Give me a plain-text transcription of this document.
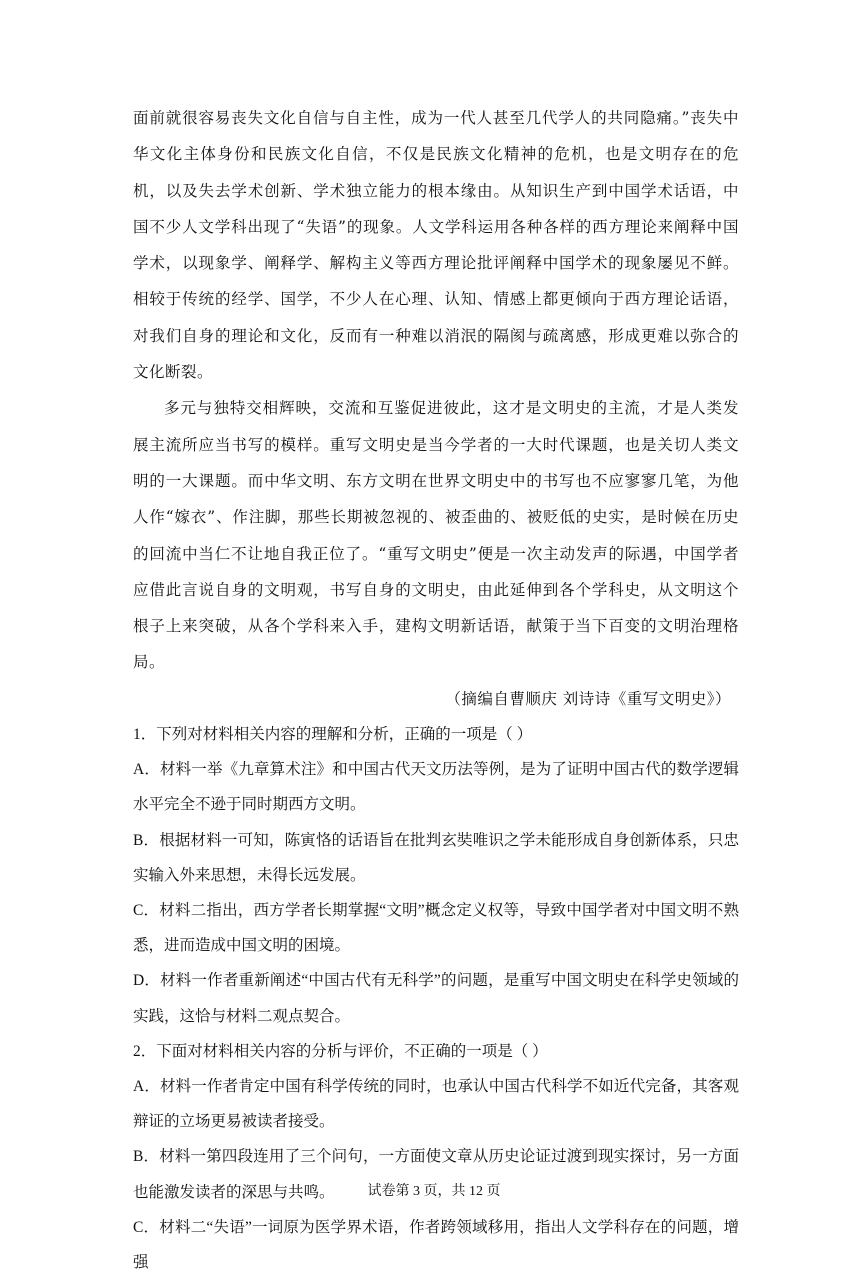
面前就很容易丧失文化自信与自主性，成为一代人甚至几代学人的共同隐痛。”丧失中华文化主体身份和民族文化自信，不仅是民族文化精神的危机，也是文明存在的危机，以及失去学术创新、学术独立能力的根本缘由。从知识生产到中国学术话语，中国不少人文学科出现了“失语”的现象。人文学科运用各种各样的西方理论来阐释中国学术，以现象学、阐释学、解构主义等西方理论批评阐释中国学术的现象屡见不鲜。相较于传统的经学、国学，不少人在心理、认知、情感上都更倾向于西方理论话语，对我们自身的理论和文化，反而有一种难以消泯的隔阂与疏离感，形成更难以弥合的文化断裂。

多元与独特交相辉映，交流和互鉴促进彼此，这才是文明史的主流，才是人类发展主流所应当书写的模样。重写文明史是当今学者的一大时代课题，也是关切人类文明的一大课题。而中华文明、东方文明在世界文明史中的书写也不应寥寥几笔，为他人作“嫁衣”、作注脚，那些长期被忽视的、被歪曲的、被贬低的史实，是时候在历史的回流中当仁不让地自我正位了。“重写文明史”便是一次主动发声的际遇，中国学者应借此言说自身的文明观，书写自身的文明史，由此延伸到各个学科史，从文明这个根子上来突破，从各个学科来入手，建构文明新话语，献策于当下百变的文明治理格局。

（摘编自曹顺庆 刘诗诗《重写文明史》）

1．下列对材料相关内容的理解和分析，正确的一项是（ ）

A．材料一举《九章算术注》和中国古代天文历法等例，是为了证明中国古代的数学逻辑水平完全不逊于同时期西方文明。

B．根据材料一可知，陈寅恪的话语旨在批判玄奘唯识之学未能形成自身创新体系，只忠实输入外来思想，未得长远发展。

C．材料二指出，西方学者长期掌握“文明”概念定义权等，导致中国学者对中国文明不熟悉，进而造成中国文明的困境。

D．材料一作者重新阐述“中国古代有无科学”的问题，是重写中国文明史在科学史领域的实践，这恰与材料二观点契合。

2．下面对材料相关内容的分析与评价，不正确的一项是（ ）

A．材料一作者肯定中国有科学传统的同时，也承认中国古代科学不如近代完备，其客观辩证的立场更易被读者接受。

B．材料一第四段连用了三个问句，一方面使文章从历史论证过渡到现实探讨，另一方面也能激发读者的深思与共鸣。

C．材料二“失语”一词原为医学界术语，作者跨领域移用，指出人文学科存在的问题，增强

试卷第 3 页，共 12 页
